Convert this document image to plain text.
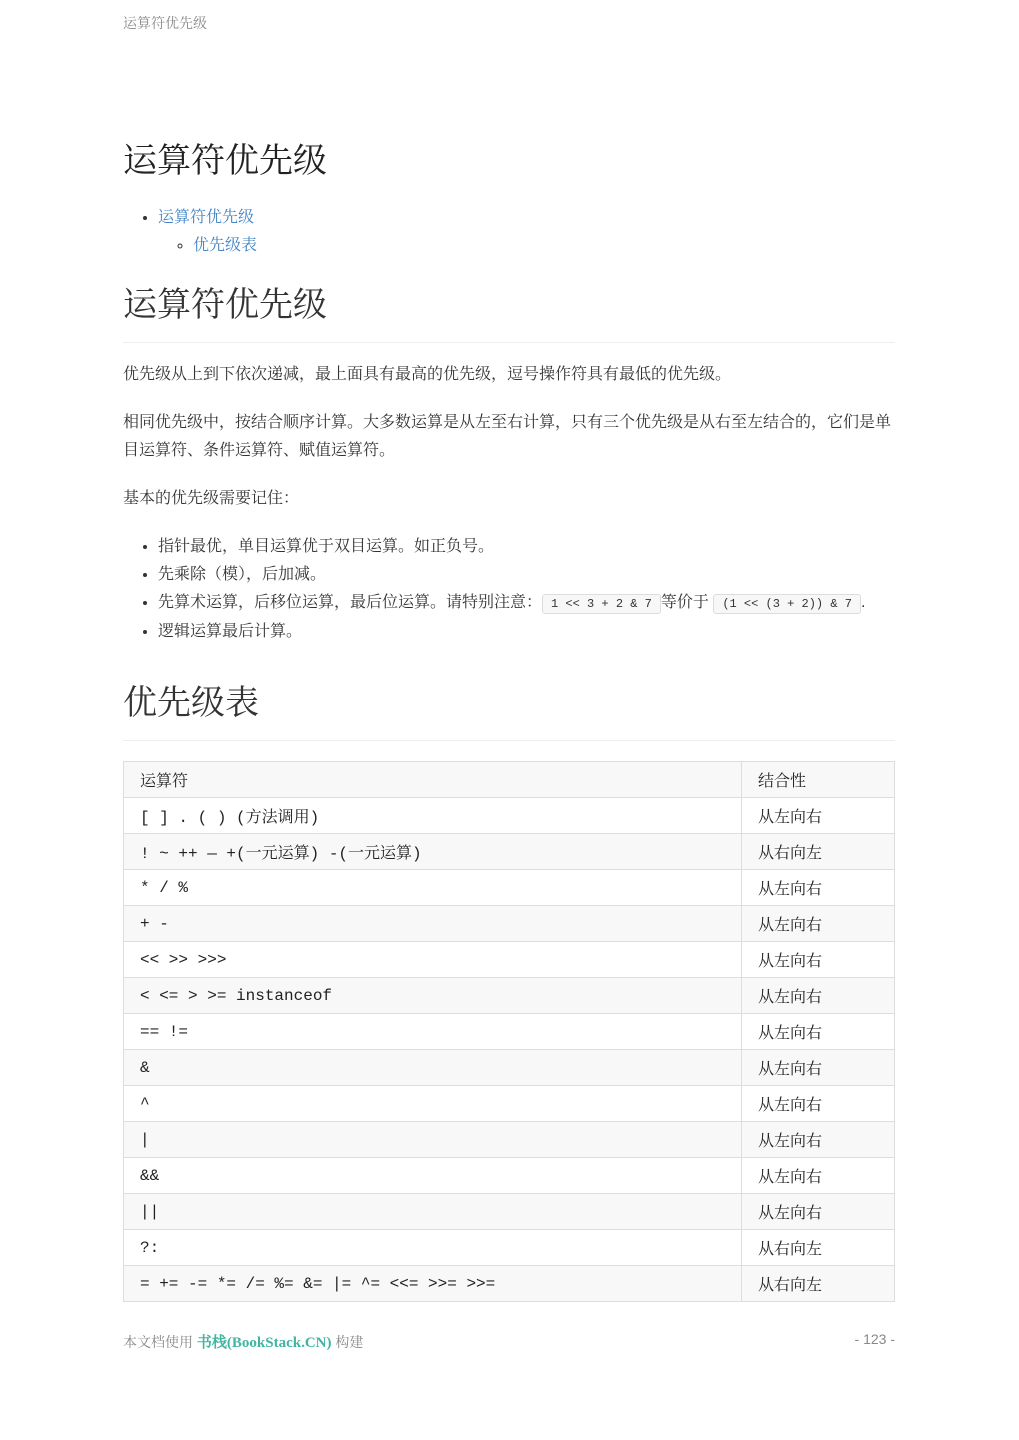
运算符优先级
运算符优先级
• 运算符优先级
◦ 优先级表
运算符优先级

优先级从上到下依次递减，最上面具有最高的优先级，逗号操作符具有最低的优先级。

相同优先级中，按结合顺序计算。大多数运算是从左至右计算，只有三个优先级是从右至左结合的，它们是单目运算符、条件运算符、赋值运算符。

基本的优先级需要记住：

• 指针最优，单目运算优于双目运算。如正负号。
• 先乘除（模），后加减。
• 先算术运算，后移位运算，最后位运算。请特别注意： 1 << 3 + 2 & 7 等价于 (1 << (3 + 2)) & 7 .
• 逻辑运算最后计算。
优先级表
运算符	结合性
[ ] . ( ) (方法调用)	从左向右
! ~ ++ — +(一元运算) -(一元运算)	从右向左
* / %	从左向右
+ -	从左向右
<< >> >>>	从左向右
< <= > >= instanceof	从左向右
== !=	从左向右
&	从左向右
^	从左向右
|	从左向右
&&	从左向右
||	从左向右
?:	从右向左
= += -= *= /= %= &= |= ^= <<= >>= >>=	从右向左
本文档使用 书栈(BookStack.CN) 构建	- 123 -
